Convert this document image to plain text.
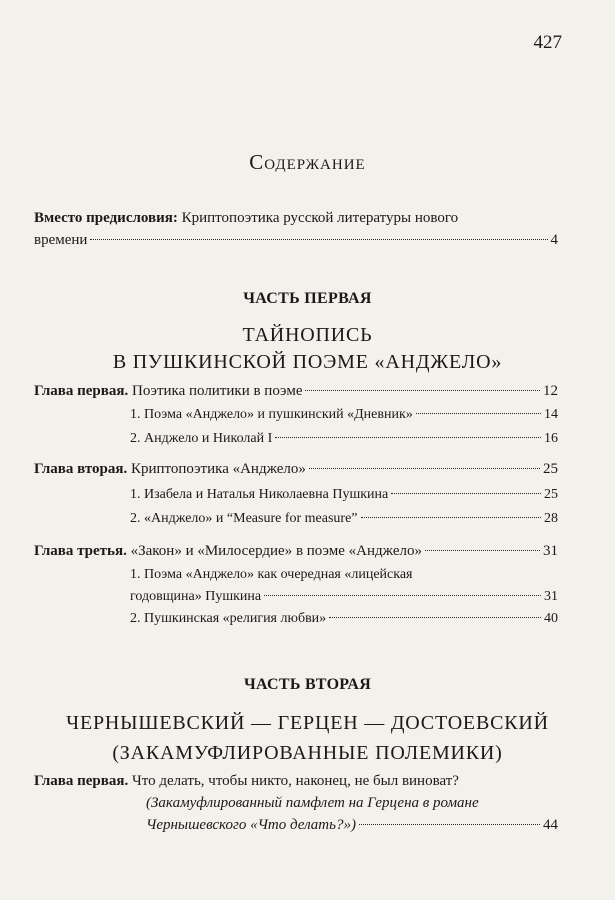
427
Содержание
Вместо предисловия: Криптопоэтика русской литературы нового
времени	4
ЧАСТЬ ПЕРВАЯ
ТАЙНОПИСЬ
В ПУШКИНСКОЙ ПОЭМЕ «АНДЖЕЛО»
Глава первая. Поэтика политики в поэме	12
1. Поэма «Анджело» и пушкинский «Дневник»	14
2. Анджело и Николай I	16
Глава вторая. Криптопоэтика «Анджело»	25
1. Изабела и Наталья Николаевна Пушкина	25
2. «Анджело» и “Measure for measure”	28
Глава третья. «Закон» и «Милосердие» в поэме «Анджело»	31
1. Поэма «Анджело» как очередная «лицейская
годовщина» Пушкина	31
2. Пушкинская «религия любви»	40
ЧАСТЬ ВТОРАЯ
ЧЕРНЫШЕВСКИЙ — ГЕРЦЕН — ДОСТОЕВСКИЙ
(ЗАКАМУФЛИРОВАННЫЕ ПОЛЕМИКИ)
Глава первая. Что делать, чтобы никто, наконец, не был виноват?
(Закамуфлированный памфлет на Герцена в романе
Чернышевского «Что делать?»)	44
